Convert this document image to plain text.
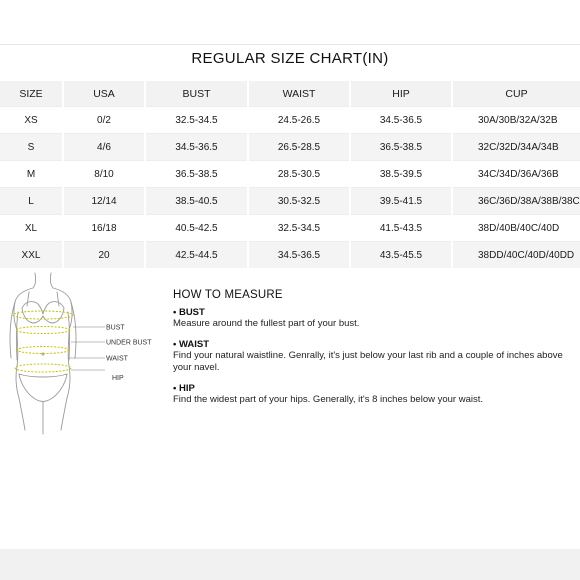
REGULAR SIZE CHART(IN)
SIZE	USA	BUST	WAIST	HIP	CUP
XS	0/2	32.5-34.5	24.5-26.5	34.5-36.5	30A/30B/32A/32B
S	4/6	34.5-36.5	26.5-28.5	36.5-38.5	32C/32D/34A/34B
M	8/10	36.5-38.5	28.5-30.5	38.5-39.5	34C/34D/36A/36B
L	12/14	38.5-40.5	30.5-32.5	39.5-41.5	36C/36D/38A/38B/38C
XL	16/18	40.5-42.5	32.5-34.5	41.5-43.5	38D/40B/40C/40D
XXL	20	42.5-44.5	34.5-36.5	43.5-45.5	38DD/40C/40D/40DD
BUST
UNDER BUST
WAIST
HIP
HOW TO MEASURE
• BUST
Measure around the fullest part of your bust.
• WAIST
Find your natural waistline. Genrally, it's just below your last rib and a couple of inches above your navel.
• HIP
Find the widest part of your hips. Generally, it's 8 inches below your waist.
